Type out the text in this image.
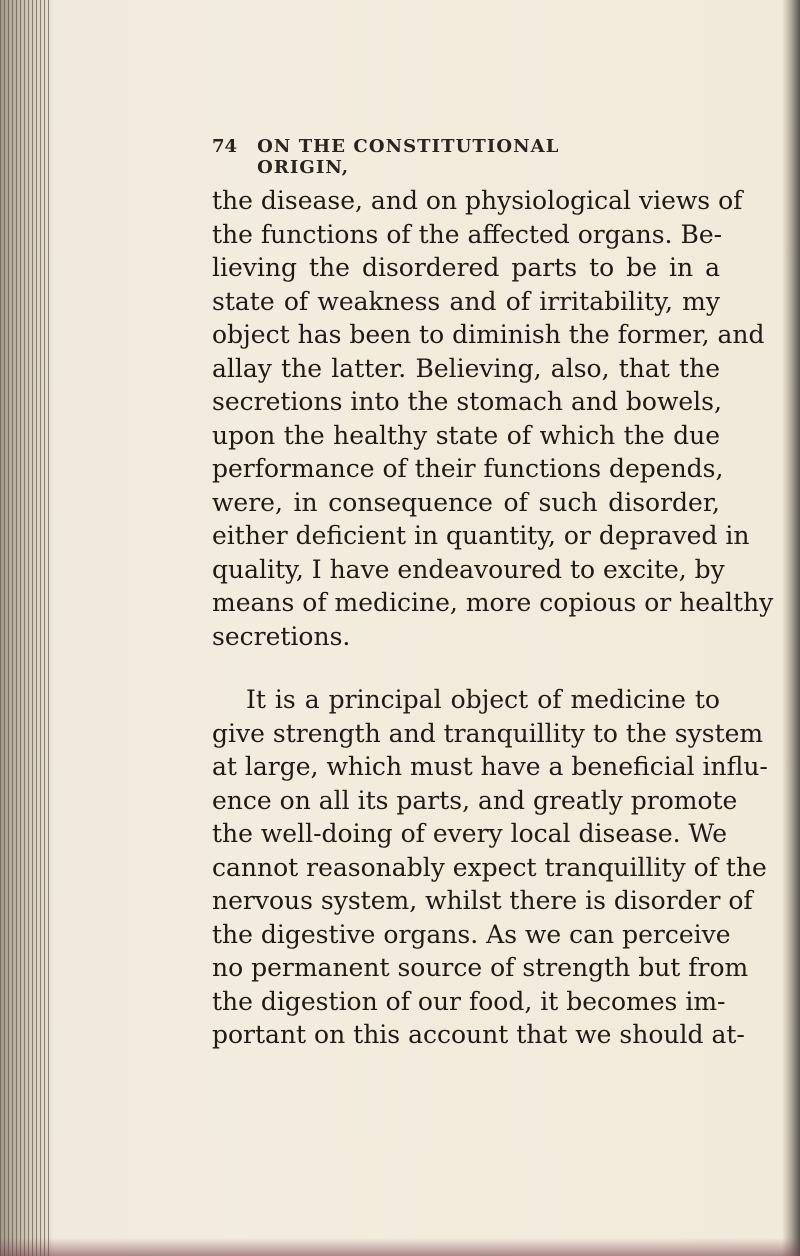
74 ON THE CONSTITUTIONAL ORIGIN,

the disease, and on physiological views of
the functions of the affected organs. Be-
lieving the disordered parts to be in a
state of weakness and of irritability, my
object has been to diminish the former, and
allay the latter. Believing, also, that the
secretions into the stomach and bowels,
upon the healthy state of which the due
performance of their functions depends,
were, in consequence of such disorder,
either deficient in quantity, or depraved in
quality, I have endeavoured to excite, by
means of medicine, more copious or healthy
secretions.

It is a principal object of medicine to
give strength and tranquillity to the system
at large, which must have a beneficial influ-
ence on all its parts, and greatly promote
the well-doing of every local disease. We
cannot reasonably expect tranquillity of the
nervous system, whilst there is disorder of
the digestive organs. As we can perceive
no permanent source of strength but from
the digestion of our food, it becomes im-
portant on this account that we should at-
